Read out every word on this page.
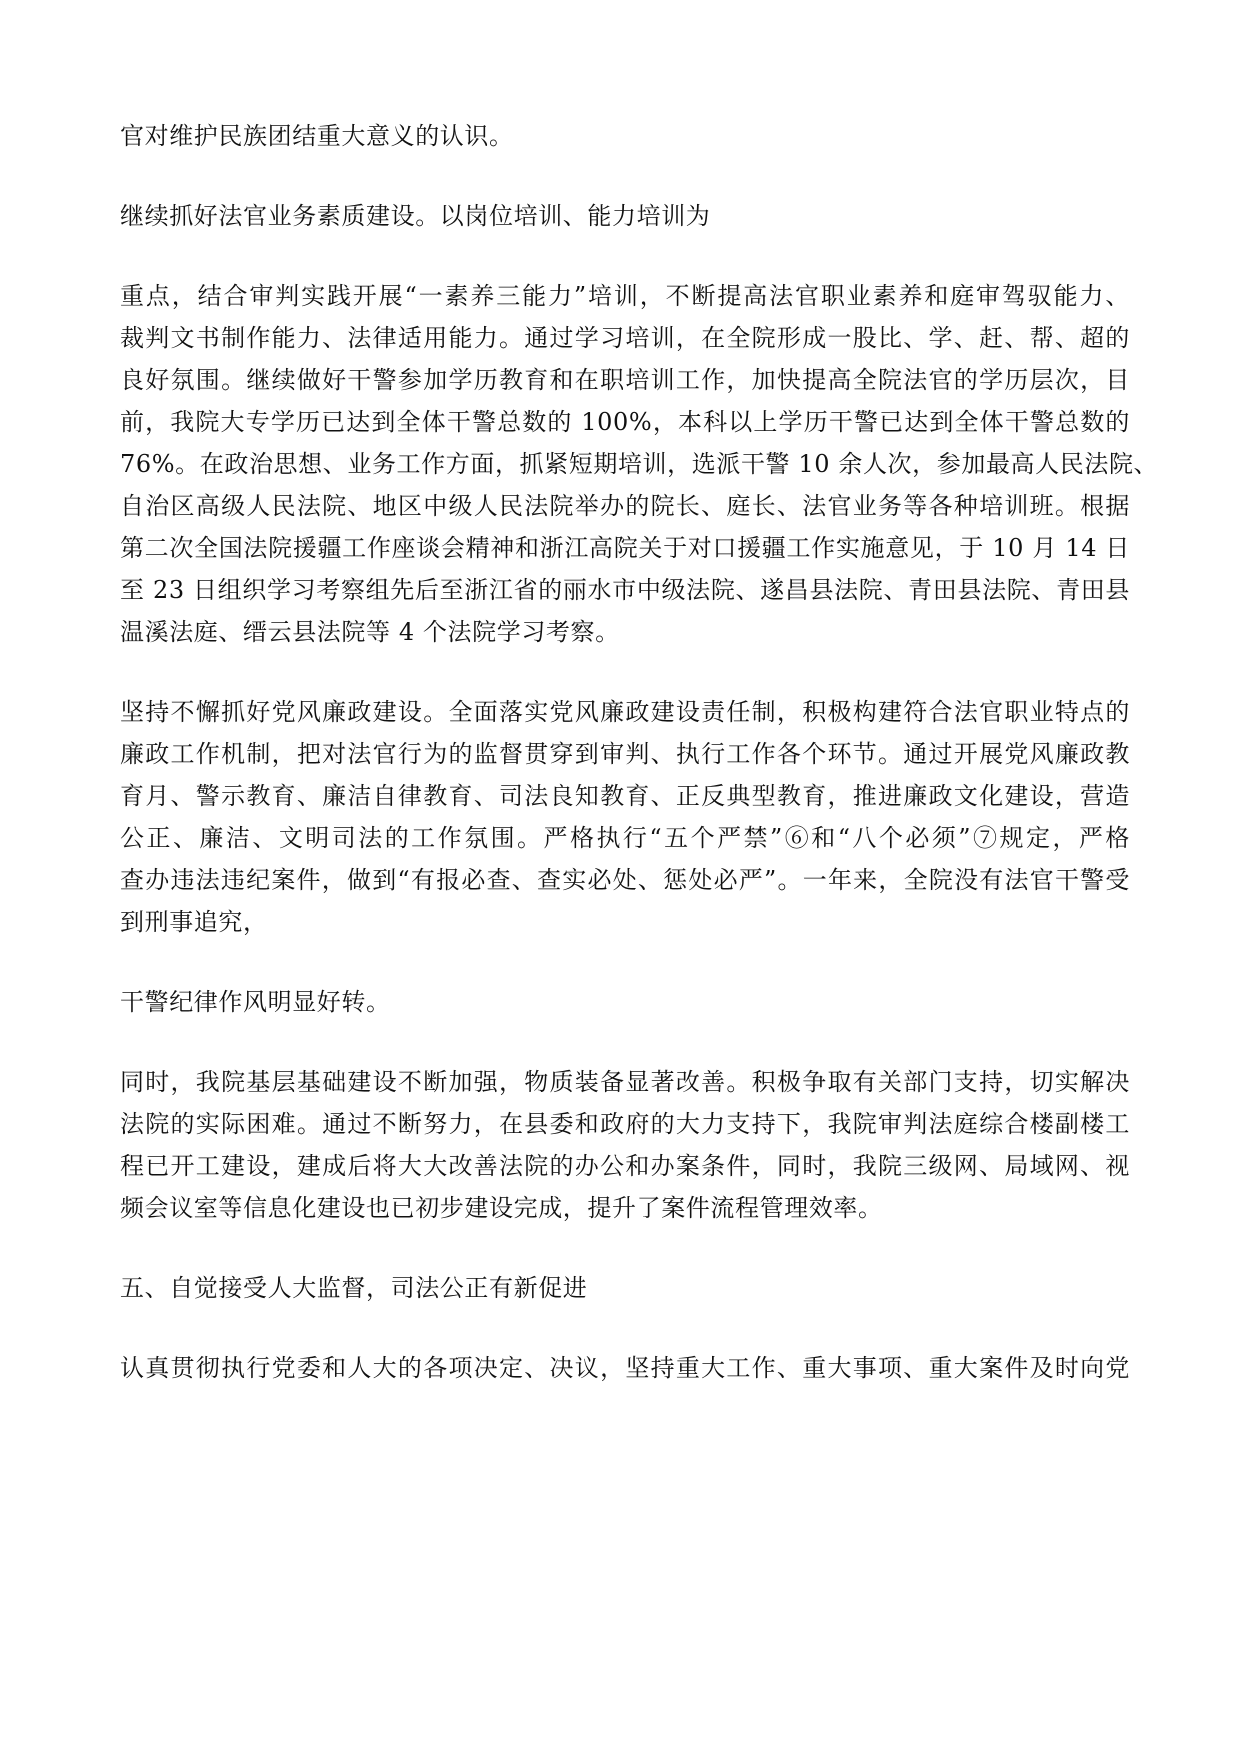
官对维护民族团结重大意义的认识。
继续抓好法官业务素质建设。以岗位培训、能力培训为
重点，结合审判实践开展“一素养三能力”培训，不断提高法官职业素养和庭审驾驭能力、
裁判文书制作能力、法律适用能力。通过学习培训，在全院形成一股比、学、赶、帮、超的
良好氛围。继续做好干警参加学历教育和在职培训工作，加快提高全院法官的学历层次，目
前，我院大专学历已达到全体干警总数的 100%，本科以上学历干警已达到全体干警总数的
76%。在政治思想、业务工作方面，抓紧短期培训，选派干警 10 余人次，参加最高人民法院、
自治区高级人民法院、地区中级人民法院举办的院长、庭长、法官业务等各种培训班。根据
第二次全国法院援疆工作座谈会精神和浙江高院关于对口援疆工作实施意见，于 10 月 14 日
至 23 日组织学习考察组先后至浙江省的丽水市中级法院、遂昌县法院、青田县法院、青田县
温溪法庭、缙云县法院等 4 个法院学习考察。
坚持不懈抓好党风廉政建设。全面落实党风廉政建设责任制，积极构建符合法官职业特点的
廉政工作机制，把对法官行为的监督贯穿到审判、执行工作各个环节。通过开展党风廉政教
育月、警示教育、廉洁自律教育、司法良知教育、正反典型教育，推进廉政文化建设，营造
公正、廉洁、文明司法的工作氛围。严格执行“五个严禁”⑥和“八个必须”⑦规定，严格
查办违法违纪案件，做到“有报必查、查实必处、惩处必严”。一年来，全院没有法官干警受
到刑事追究，
干警纪律作风明显好转。
同时，我院基层基础建设不断加强，物质装备显著改善。积极争取有关部门支持，切实解决
法院的实际困难。通过不断努力，在县委和政府的大力支持下，我院审判法庭综合楼副楼工
程已开工建设，建成后将大大改善法院的办公和办案条件，同时，我院三级网、局域网、视
频会议室等信息化建设也已初步建设完成，提升了案件流程管理效率。
五、自觉接受人大监督，司法公正有新促进
认真贯彻执行党委和人大的各项决定、决议，坚持重大工作、重大事项、重大案件及时向党
